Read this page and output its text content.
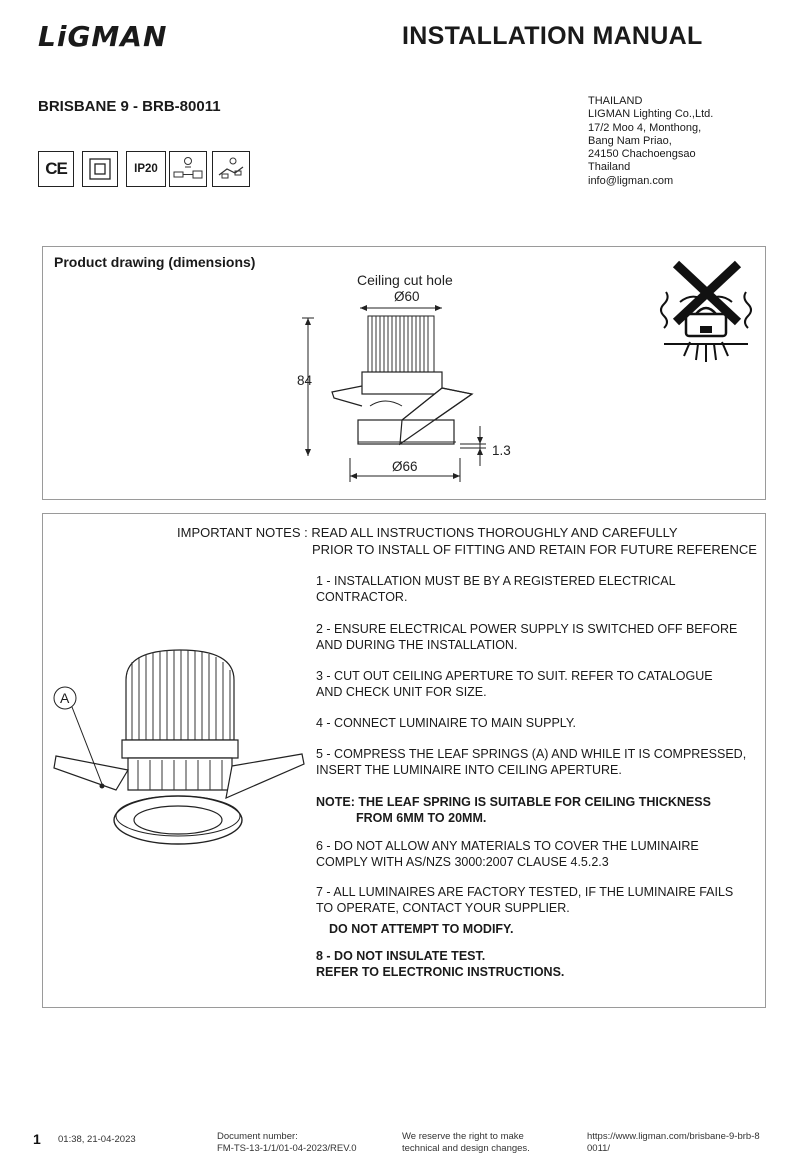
LiGMAN	INSTALLATION MANUAL
BRISBANE 9 - BRB-80011	THAILAND
LIGMAN Lighting Co.,Ltd.
17/2 Moo 4, Monthong,
Bang Nam Priao,
24150 Chachoengsao
Thailand
info@ligman.com
CE	IP20
Product drawing (dimensions)
Ceiling cut hole
Ø60
84
1.3
Ø66
IMPORTANT NOTES : READ ALL INSTRUCTIONS THOROUGHLY AND CAREFULLY
PRIOR TO INSTALL OF FITTING AND RETAIN FOR FUTURE REFERENCE
A
1 - INSTALLATION MUST BE BY A REGISTERED ELECTRICAL
CONTRACTOR.
2 - ENSURE ELECTRICAL POWER SUPPLY IS SWITCHED OFF BEFORE
AND DURING THE INSTALLATION.
3 - CUT OUT CEILING APERTURE TO SUIT. REFER TO CATALOGUE
AND CHECK UNIT FOR SIZE.
4 - CONNECT LUMINAIRE TO MAIN SUPPLY.
5 - COMPRESS THE LEAF SPRINGS (A) AND WHILE IT IS COMPRESSED,
INSERT THE LUMINAIRE INTO CEILING APERTURE.
NOTE: THE LEAF SPRING IS SUITABLE FOR CEILING THICKNESS
FROM 6MM TO 20MM.
6 - DO NOT ALLOW ANY MATERIALS TO COVER THE LUMINAIRE
COMPLY WITH AS/NZS 3000:2007 CLAUSE 4.5.2.3
7 - ALL LUMINAIRES ARE FACTORY TESTED, IF THE LUMINAIRE FAILS
TO OPERATE, CONTACT YOUR SUPPLIER.
DO NOT ATTEMPT TO MODIFY.
8 - DO NOT INSULATE TEST.
REFER TO ELECTRONIC INSTRUCTIONS.
1 01:38, 21-04-2023	Document number:
FM-TS-13-1/1/01-04-2023/REV.0
We reserve the right to make
technical and design changes.
https://www.ligman.com/brisbane-9-brb-8
0011/
